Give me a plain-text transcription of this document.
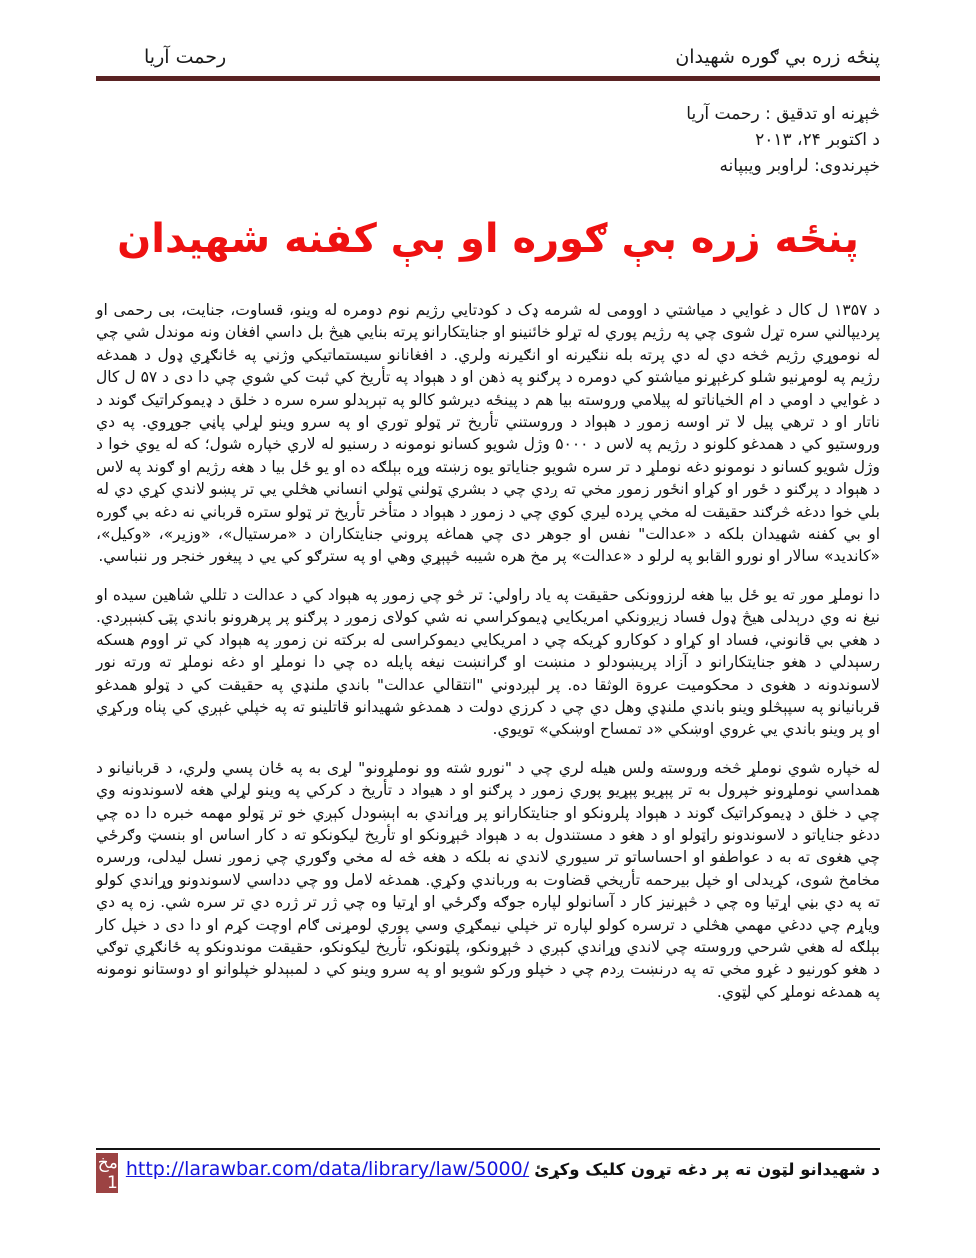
پنځه زره بي ګوره شهیدان
رحمت آریا
څېړنه او تدقیق : رحمت آریا
د اکتوبر ۲۴، ۲۰۱۳
خپرندوی: لراوبر ویبپانه
پنځه زره بې ګوره او بې کفنه شهیدان

د ۱۳۵۷ ل کال د غوایي د میاشتي د اوومی له شرمه ډک د کودتایي رژیم نوم دومره له وینو، قساوت، جنایت، بی رحمی او پردیپالني سره تړل شوی چي په رژیم پوري له تړلو خائنینو او جنایتکارانو پرته بنایي هیڅ بل داسي افغان ونه موندل شي چي له نوموړي رژیم څخه دي له دي پرته بله ننګیرنه او انګیرنه ولري. د افغانانو سیستماتیکي وژني په ځانګړي ډول د همدغه رژیم په لومړنیو شلو کرغېړنو میاشتو کي دومره د پرګنو په ذهن او د هېواد په تأریخ کي ثبت کي شوي چي دا دی د ۵۷ ل کال د غوایي د اومي د ام الخیاناتو له پیلامي وروسته بیا هم د پینځه دیرشو کالو په تېرېدلو سره سره د خلق د ډیموکراتیک ګوند د ناتار او د ترهي پیل لا تر اوسه زموږ د هېواد د وروستني تأریخ تر ټولو توري او په سرو وینو لړلي پاڼي جوړوي. په دي وروستیو کي د همدغو کلونو د رژیم په لاس د ۵۰۰۰ وژل شویو کسانو نومونه د رسنیو له لاري خپاره شول؛ که له یوي خوا د وژل شویو کسانو د نومونو دغه نوملړ د تر سره شویو جنایاتو یوه زښته وړه بېلګه ده او یو ځل بیا د هغه رژیم او ګوند په لاس د هېواد د پرګنو د ځور او کړاو انځور زموږ مخي ته ږدي چي د بشري ټولني ټولي انساني هڅلي یي تر پښو لاندي کړي دي له بلي خوا ددغه څرګند حقیقت له مخي پرده لیري کوي چي د زموږ د هېواد د متأخر تأریخ تر ټولو ستره قرباني نه دغه بي ګوره او بي کفنه شهیدان بلکه د «عدالت" نفس او جوهر دی چي هماغه پروني جنایتکاران د «مرستیال»، «وزیر»، «وکیل»، «کاندید» سالار او نورو القابو په لرلو د «عدالت» پر مخ هره شیبه څپېړي وهي او په سترګو کي یي د پیغور خنجر ور ننباسي.

دا نوملړ موږ ته یو ځل بیا هغه لرزوونکی حقیقت په یاد راولي: تر څو چي زموږ په هېواد کي د عدالت د تللي شاهین سیده او نیغ نه وي درېدلی هیڅ ډول فساد زیږونکي امریکایي ډیموکراسي نه شي کولای زموږ د پرګنو پر پرهرونو باندي پټۍ کښېږدي. د هغي بي قانوني، فساد او کړاو د کوکارو کړیکه چي د امریکایي دیموکراسی له برکته نن زموږ په هېواد کي تر اووم هسکه رسېدلي د هغو جنایتکارانو د آزاد پریښودلو د منښت او ګرانښت نیغه پایله ده چي دا نوملړ او دغه نوملړ ته ورته نور لاسوندونه د هغوی د محکومیت عروة الوثقا ده. پر لېږدوني "انتقالي عدالت" باندي ملنډي په حقیقت کي د ټولو همدغو قربانیانو په سپېڅلو وینو باندي ملنډي وهل دي چي د کرزي دولت د همدغو شهیدانو قاتلینو ته په خپلي غېږي کي پناه ورکړي او پر وینو باندي یي غروي اوښکي «د تمساح اوښکي» تویوي.

له خپاره شوي نوملړ څخه وروسته ولس هیله لري چي د "نورو شته وو نوملړونو" لړی به په ځان پسي ولري، د قربانیانو د همداسي نوملړونو خپرول به تر پېړیو پېړیو پوري زموږ د پرګنو او د هیواد د تأریخ د کرکي په وینو لړلي هغه لاسوندونه وي چي د خلق د ډیموکراتیک ګوند د هېواد پلرونکو او جنایتکارانو پر وړاندي به اېښودل کېږي خو تر ټولو مهمه خبره دا ده چي ددغو جنایاتو د لاسوندونو راټولو او د هغو د مستندول به د هېواد څېړونکو او تأریخ لیکونکو ته د کار اساس او بنسټ وګرځي چي هغوی ته به د عواطفو او احساساتو تر سیوري لاندي نه بلکه د هغه څه له مخي وګوري چي زموږ نسل لیدلی، ورسره مخامخ شوی، کړیدلی او خپل بیرحمه تأریخي قضاوت به ورباندي وکړي. همدغه لامل وو چي دداسي لاسوندونو وړاندي کولو ته په دي بڼي اړتیا وه چي د څېړنیز کار د آسانولو لپاره جوګه وګرځي او اړتیا وه چي ژر تر ژره دي تر سره شي. زه په دي ویاړم چي ددغي مهمي هڅلي د ترسره کولو لپاره تر خپلي نیمګړي وسي پوري لومړنی ګام اوچت کړم او دا دی د خپل کار بېلګه له هغي شرحي وروسته چي لاندي وړاندي کېږي د څېړونکو، پلټونکو، تأریخ لیکونکو، حقیقت موندونکو په ځانګړي توګي د هغو کورنیو د غړو مخي ته په درنښت ږدم چي د خپلو ورکو شویو او په سرو وینو کي د لمبېدلو خپلوانو او دوستانو نومونه په همدغه نوملړ کي لټوي.

مخ 1
د شهیدانو لټون ته پر دغه تړون کلیک وکړئ http://larawbar.com/data/library/law/5000/
